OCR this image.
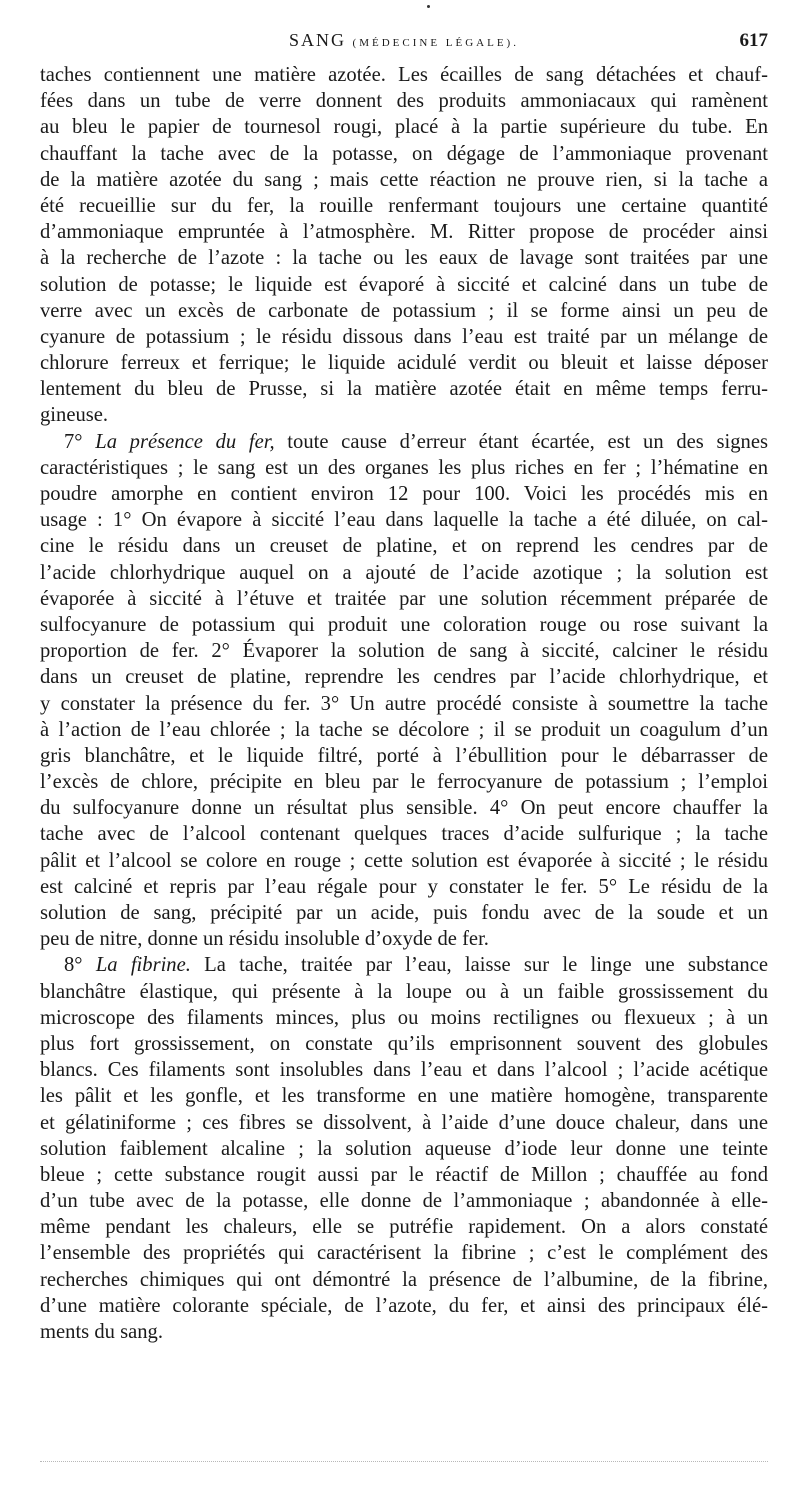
SANG (MÉDECINE LÉGALE).	617
taches contiennent une matière azotée. Les écailles de sang détachées et chauf-
fées dans un tube de verre donnent des produits ammoniacaux qui ramènent
au bleu le papier de tournesol rougi, placé à la partie supérieure du tube. En
chauffant la tache avec de la potasse, on dégage de l’ammoniaque provenant
de la matière azotée du sang ; mais cette réaction ne prouve rien, si la tache a
été recueillie sur du fer, la rouille renfermant toujours une certaine quantité
d’ammoniaque empruntée à l’atmosphère. M. Ritter propose de procéder ainsi
à la recherche de l’azote : la tache ou les eaux de lavage sont traitées par une
solution de potasse; le liquide est évaporé à siccité et calciné dans un tube de
verre avec un excès de carbonate de potassium ; il se forme ainsi un peu de
cyanure de potassium ; le résidu dissous dans l’eau est traité par un mélange de
chlorure ferreux et ferrique; le liquide acidulé verdit ou bleuit et laisse déposer
lentement du bleu de Prusse, si la matière azotée était en même temps ferru-
gineuse.
7° La présence du fer, toute cause d’erreur étant écartée, est un des signes
caractéristiques ; le sang est un des organes les plus riches en fer ; l’hématine en
poudre amorphe en contient environ 12 pour 100. Voici les procédés mis en
usage : 1° On évapore à siccité l’eau dans laquelle la tache a été diluée, on cal-
cine le résidu dans un creuset de platine, et on reprend les cendres par de
l’acide chlorhydrique auquel on a ajouté de l’acide azotique ; la solution est
évaporée à siccité à l’étuve et traitée par une solution récemment préparée de
sulfocyanure de potassium qui produit une coloration rouge ou rose suivant la
proportion de fer. 2° Évaporer la solution de sang à siccité, calciner le résidu
dans un creuset de platine, reprendre les cendres par l’acide chlorhydrique, et
y constater la présence du fer. 3° Un autre procédé consiste à soumettre la tache
à l’action de l’eau chlorée ; la tache se décolore ; il se produit un coagulum d’un
gris blanchâtre, et le liquide filtré, porté à l’ébullition pour le débarrasser de
l’excès de chlore, précipite en bleu par le ferrocyanure de potassium ; l’emploi
du sulfocyanure donne un résultat plus sensible. 4° On peut encore chauffer la
tache avec de l’alcool contenant quelques traces d’acide sulfurique ; la tache
pâlit et l’alcool se colore en rouge ; cette solution est évaporée à siccité ; le résidu
est calciné et repris par l’eau régale pour y constater le fer. 5° Le résidu de la
solution de sang, précipité par un acide, puis fondu avec de la soude et un
peu de nitre, donne un résidu insoluble d’oxyde de fer.
8° La fibrine. La tache, traitée par l’eau, laisse sur le linge une substance
blanchâtre élastique, qui présente à la loupe ou à un faible grossissement du
microscope des filaments minces, plus ou moins rectilignes ou flexueux ; à un
plus fort grossissement, on constate qu’ils emprisonnent souvent des globules
blancs. Ces filaments sont insolubles dans l’eau et dans l’alcool ; l’acide acétique
les pâlit et les gonfle, et les transforme en une matière homogène, transparente
et gélatiniforme ; ces fibres se dissolvent, à l’aide d’une douce chaleur, dans une
solution faiblement alcaline ; la solution aqueuse d’iode leur donne une teinte
bleue ; cette substance rougit aussi par le réactif de Millon ; chauffée au fond
d’un tube avec de la potasse, elle donne de l’ammoniaque ; abandonnée à elle-
même pendant les chaleurs, elle se putréfie rapidement. On a alors constaté
l’ensemble des propriétés qui caractérisent la fibrine ; c’est le complément des
recherches chimiques qui ont démontré la présence de l’albumine, de la fibrine,
d’une matière colorante spéciale, de l’azote, du fer, et ainsi des principaux élé-
ments du sang.
